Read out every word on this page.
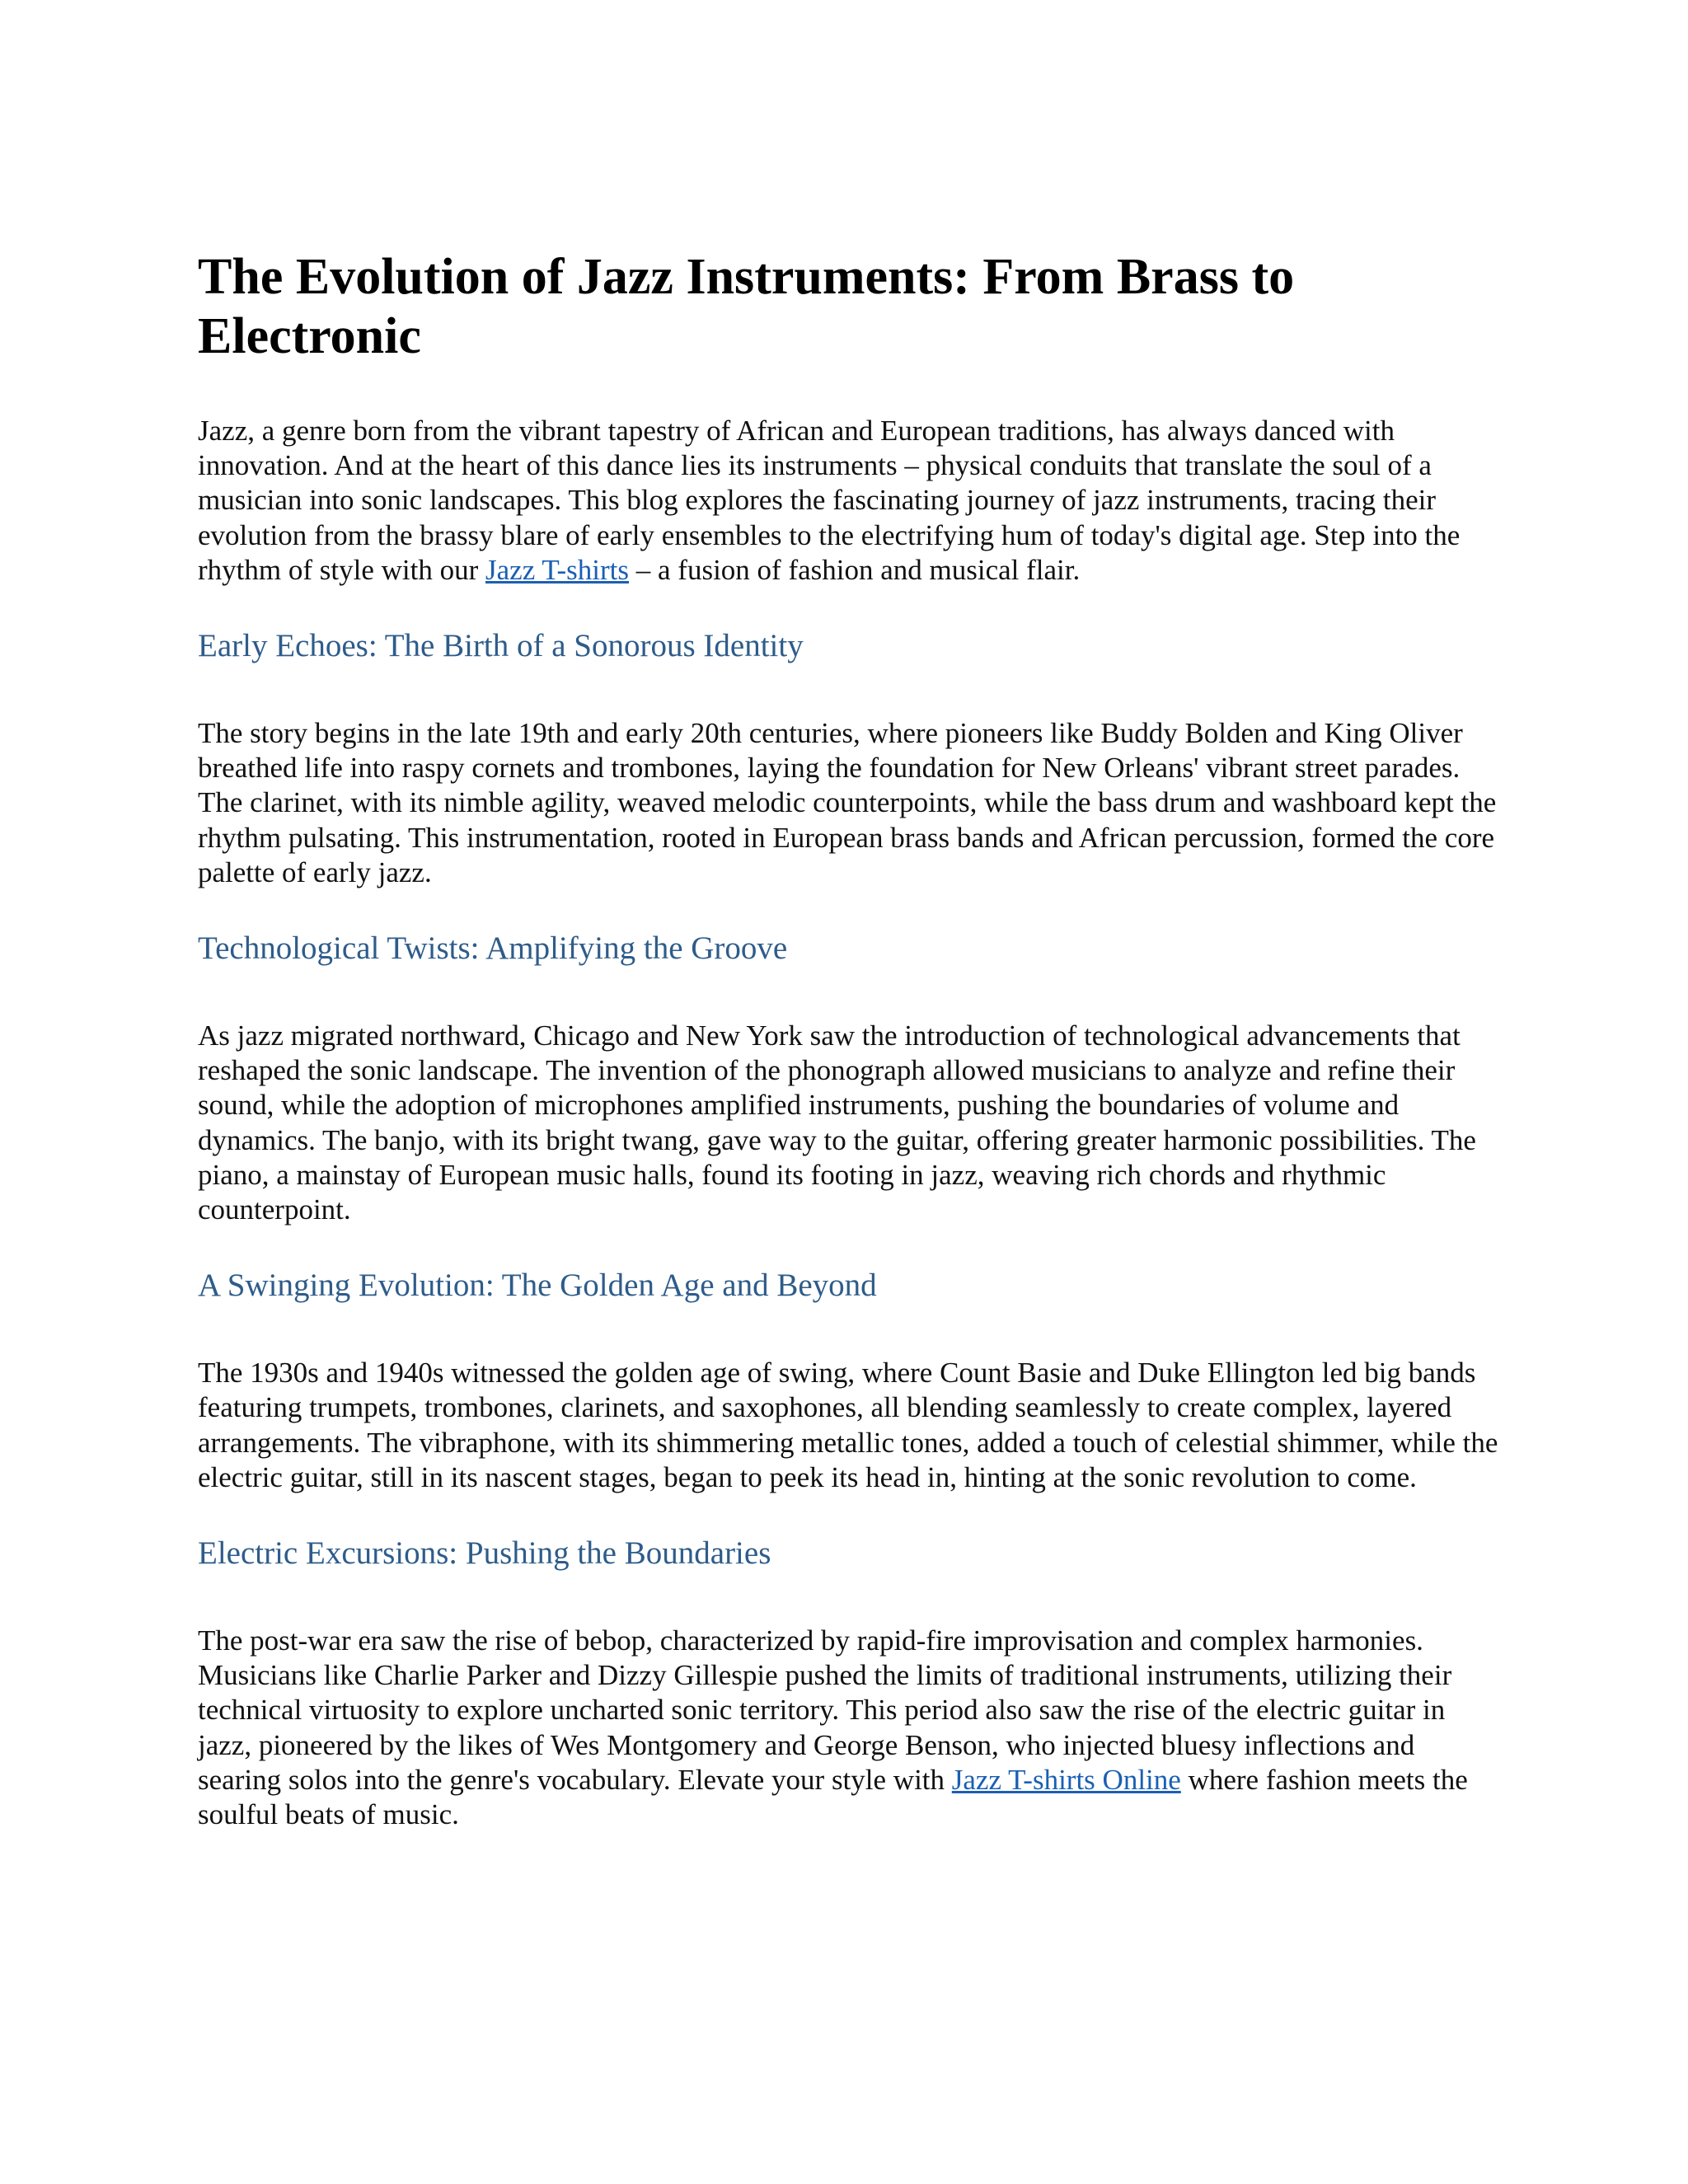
The Evolution of Jazz Instruments: From Brass to Electronic

Jazz, a genre born from the vibrant tapestry of African and European traditions, has always danced with innovation. And at the heart of this dance lies its instruments – physical conduits that translate the soul of a musician into sonic landscapes. This blog explores the fascinating journey of jazz instruments, tracing their evolution from the brassy blare of early ensembles to the electrifying hum of today's digital age. Step into the rhythm of style with our Jazz T-shirts – a fusion of fashion and musical flair.

Early Echoes: The Birth of a Sonorous Identity

The story begins in the late 19th and early 20th centuries, where pioneers like Buddy Bolden and King Oliver breathed life into raspy cornets and trombones, laying the foundation for New Orleans' vibrant street parades. The clarinet, with its nimble agility, weaved melodic counterpoints, while the bass drum and washboard kept the rhythm pulsating. This instrumentation, rooted in European brass bands and African percussion, formed the core palette of early jazz.

Technological Twists: Amplifying the Groove

As jazz migrated northward, Chicago and New York saw the introduction of technological advancements that reshaped the sonic landscape. The invention of the phonograph allowed musicians to analyze and refine their sound, while the adoption of microphones amplified instruments, pushing the boundaries of volume and dynamics. The banjo, with its bright twang, gave way to the guitar, offering greater harmonic possibilities. The piano, a mainstay of European music halls, found its footing in jazz, weaving rich chords and rhythmic counterpoint.

A Swinging Evolution: The Golden Age and Beyond

The 1930s and 1940s witnessed the golden age of swing, where Count Basie and Duke Ellington led big bands featuring trumpets, trombones, clarinets, and saxophones, all blending seamlessly to create complex, layered arrangements. The vibraphone, with its shimmering metallic tones, added a touch of celestial shimmer, while the electric guitar, still in its nascent stages, began to peek its head in, hinting at the sonic revolution to come.

Electric Excursions: Pushing the Boundaries

The post-war era saw the rise of bebop, characterized by rapid-fire improvisation and complex harmonies. Musicians like Charlie Parker and Dizzy Gillespie pushed the limits of traditional instruments, utilizing their technical virtuosity to explore uncharted sonic territory. This period also saw the rise of the electric guitar in jazz, pioneered by the likes of Wes Montgomery and George Benson, who injected bluesy inflections and searing solos into the genre's vocabulary. Elevate your style with Jazz T-shirts Online where fashion meets the soulful beats of music.
